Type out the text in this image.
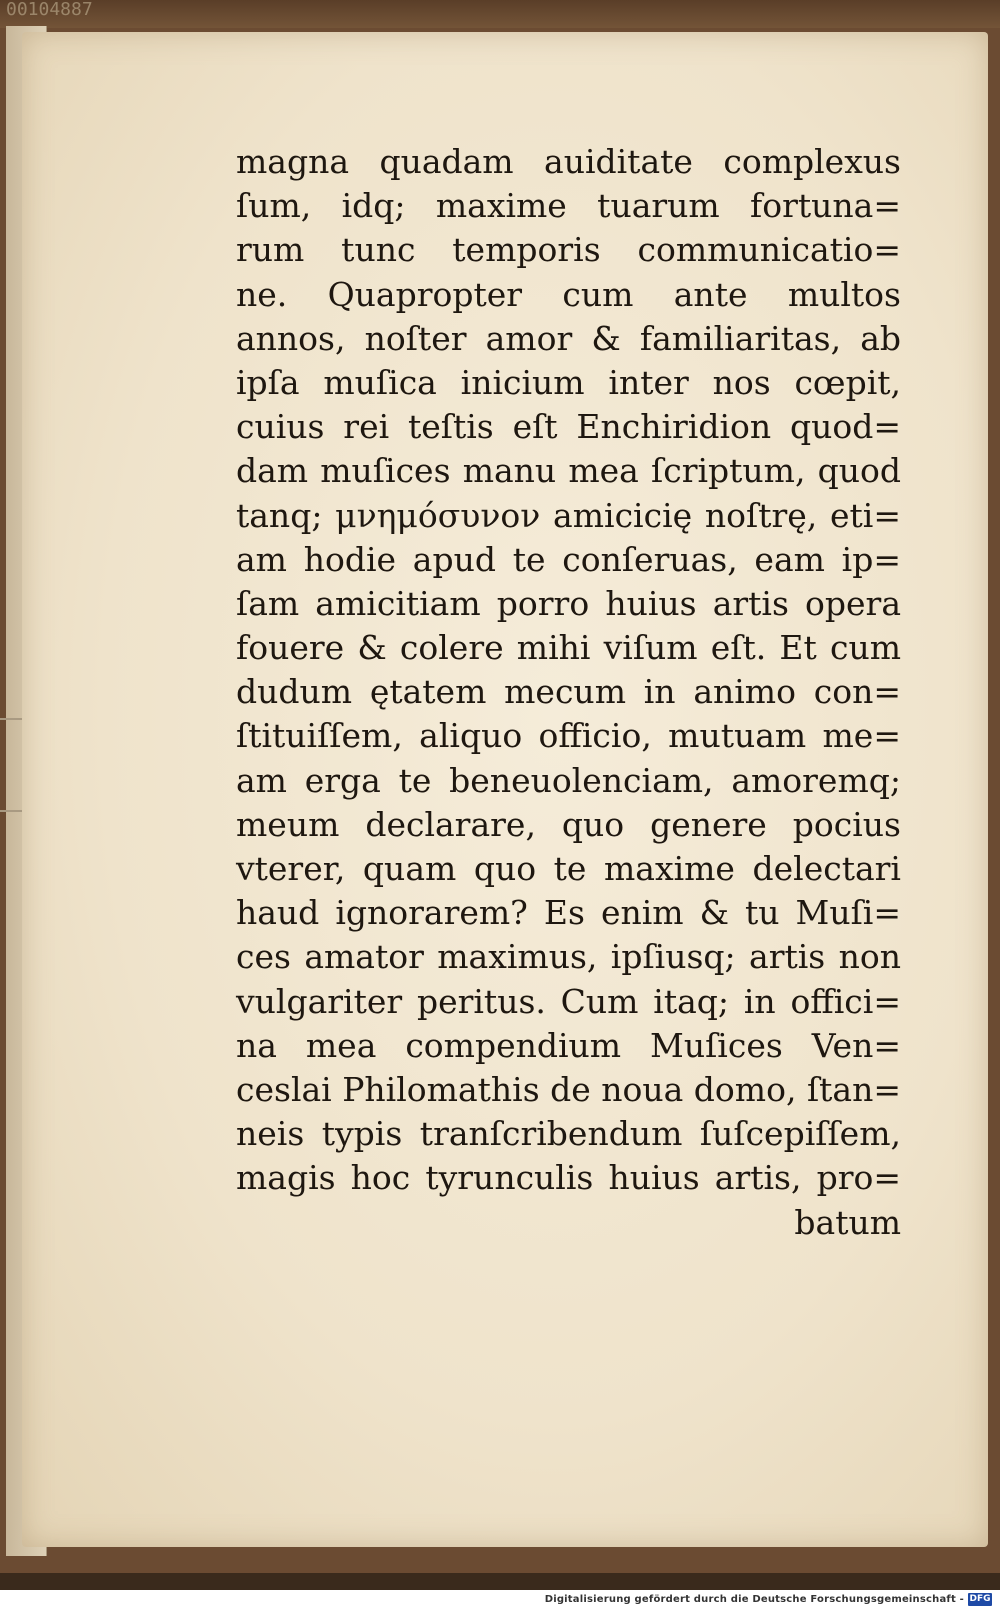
00104887
magna quadam auiditate complexus
ſum, idq; maxime tuarum fortuna=
rum tunc temporis communicatio=
ne. Quapropter cum ante multos
annos, noſter amor & familiaritas, ab
ipſa muſica inicium inter nos cœpit,
cuius rei teſtis eſt Enchiridion quod=
dam muſices manu mea ſcriptum, quod
tanq; μνημόσυνον amicicię noſtrę, eti=
am hodie apud te conſeruas, eam ip=
ſam amicitiam porro huius artis opera
fouere & colere mihi viſum eſt. Et cum
dudum ętatem mecum in animo con=
ſtituiſſem, aliquo officio, mutuam me=
am erga te beneuolenciam, amoremq;
meum declarare, quo genere pocius
vterer, quam quo te maxime delectari
haud ignorarem? Es enim & tu Muſi=
ces amator maximus, ipſiusq; artis non
vulgariter peritus. Cum itaq; in offici=
na mea compendium Muſices Ven=
ceslai Philomathis de noua domo, ſtan=
neis typis tranſcribendum ſuſcepiſſem,
magis hoc tyrunculis huius artis, pro=
batum
Digitalisierung gefördert durch die Deutsche Forschungsgemeinschaft - DFG
